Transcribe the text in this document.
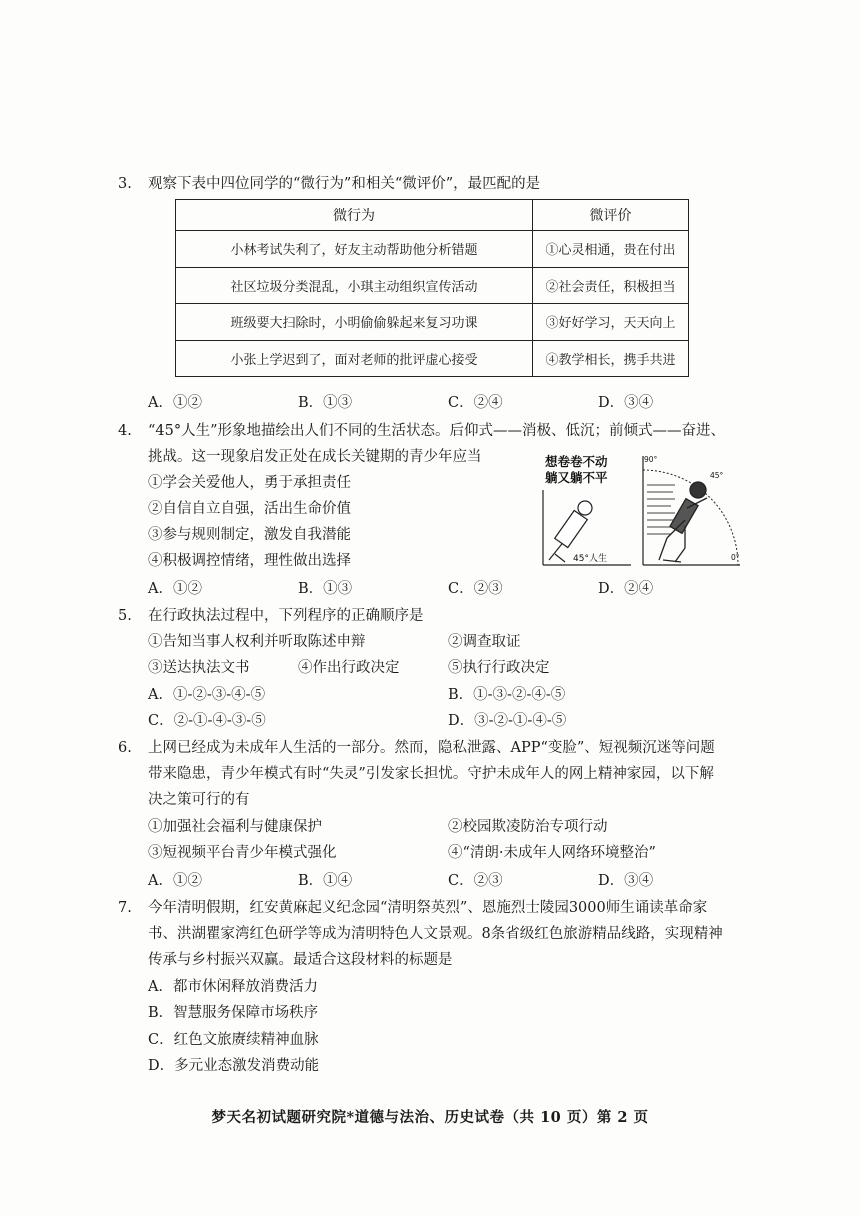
3. 观察下表中四位同学的“微行为”和相关“微评价”，最匹配的是
微行为	微评价
小林考试失利了，好友主动帮助他分析错题	①心灵相通，贵在付出
社区垃圾分类混乱，小琪主动组织宣传活动	②社会责任，积极担当
班级要大扫除时，小明偷偷躲起来复习功课	③好好学习，天天向上
小张上学迟到了，面对老师的批评虚心接受	④教学相长，携手共进
A．①②	B．①③	C．②④	D．③④
4. “45°人生”形象地描绘出人们不同的生活状态。后仰式——消极、低沉；前倾式——奋进、
挑战。这一现象启发正处在成长关键期的青少年应当
①学会关爱他人，勇于承担责任
②自信自立自强，活出生命价值
③参与规则制定，激发自我潜能
④积极调控情绪，理性做出选择
A．①②	B．①③	C．②③	D．②④
想卷卷不动
躺又躺不平
45°人生
90°
45°
0°
5. 在行政执法过程中，下列程序的正确顺序是
①告知当事人权利并听取陈述申辩	②调查取证
③送达执法文书	④作出行政决定	⑤执行行政决定
A．①-②-③-④-⑤	B．①-③-②-④-⑤
C．②-①-④-③-⑤	D．③-②-①-④-⑤
6. 上网已经成为未成年人生活的一部分。然而，隐私泄露、APP“变脸”、短视频沉迷等问题
带来隐患，青少年模式有时“失灵”引发家长担忧。守护未成年人的网上精神家园，以下解
决之策可行的有
①加强社会福利与健康保护	②校园欺凌防治专项行动
③短视频平台青少年模式强化	④“清朗·未成年人网络环境整治”
A．①②	B．①④	C．②③	D．③④
7. 今年清明假期，红安黄麻起义纪念园“清明祭英烈”、恩施烈士陵园3000师生诵读革命家
书、洪湖瞿家湾红色研学等成为清明特色人文景观。8条省级红色旅游精品线路，实现精神
传承与乡村振兴双赢。最适合这段材料的标题是
A．都市休闲释放消费活力
B．智慧服务保障市场秩序
C．红色文旅赓续精神血脉
D．多元业态激发消费动能
梦天名初试题研究院*道德与法治、历史试卷（共 10 页）第 2 页
